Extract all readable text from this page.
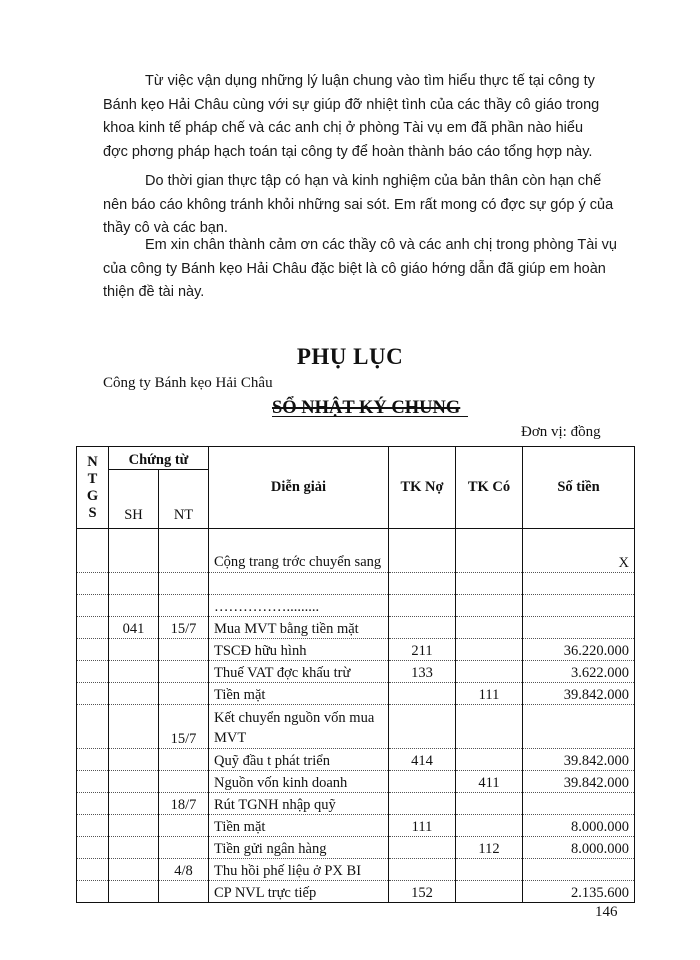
Từ việc vận dụng những lý luận chung vào tìm hiểu thực tế tại công ty
Bánh kẹo Hải Châu cùng với sự giúp đỡ nhiệt tình của các thầy cô giáo trong
khoa kinh tế pháp chế và các anh chị ở phòng Tài vụ em đã phần nào hiểu
đợc phơng pháp hạch toán tại công ty để hoàn thành báo cáo tổng hợp này.

Do thời gian thực tập có hạn và kinh nghiệm của bản thân còn hạn chế
nên báo cáo không tránh khỏi những sai sót. Em rất mong có đợc sự góp ý của
thầy cô và các bạn.

Em xin chân thành cảm ơn các thầy cô và các anh chị trong phòng Tài vụ
của công ty Bánh kẹo Hải Châu đặc biệt là cô giáo hớng dẫn đã giúp em hoàn
thiện đề tài này.

PHỤ LỤC

Công ty Bánh kẹo Hải Châu

SỔ NHẬT KÝ CHUNG

Đơn vị: đồng

N
T
G
S	Chứng từ		Diễn giải	TK Nợ	TK Có	Số tiền
	SH	NT				
			Cộng trang trớc chuyển sang			X

			…………….........			
	041	15/7	Mua MVT bằng tiền mặt			
			TSCĐ hữu hình	211		36.220.000
			Thuế VAT đợc khấu trừ	133		3.622.000
			Tiền mặt		111	39.842.000
		15/7	Kết chuyển nguồn vốn mua MVT			
			Quỹ đầu t phát triển	414		39.842.000
			Nguồn vốn kinh doanh		411	39.842.000
		18/7	Rút TGNH nhập quỹ			
			Tiền mặt	111		8.000.000
			Tiền gửi ngân hàng		112	8.000.000
		4/8	Thu hồi phế liệu ở PX BI			
			CP NVL trực tiếp	152		2.135.600

146
